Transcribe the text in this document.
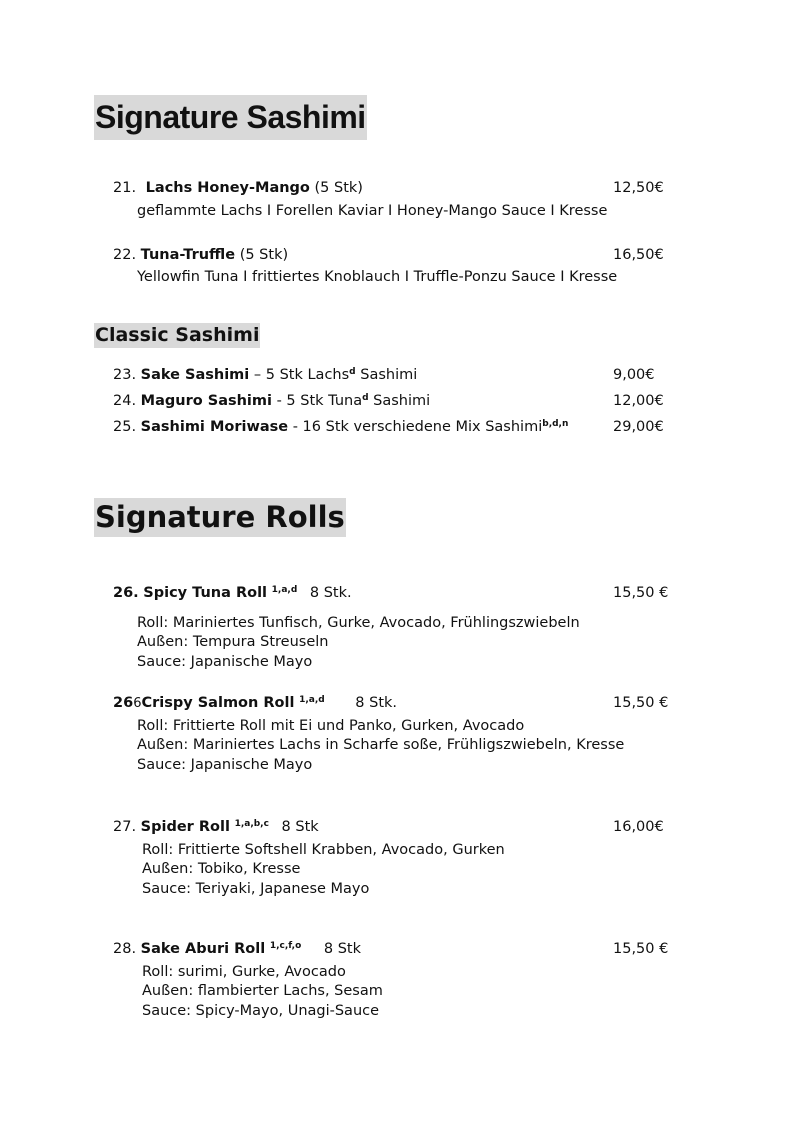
Signature Sashimi
21. Lachs Honey-Mango (5 Stk)	12,50€
geflammte Lachs I Forellen Kaviar I Honey-Mango Sauce I Kresse
22. Tuna-Truffle (5 Stk)	16,50€
Yellowfin Tuna I frittiertes Knoblauch I Truffle-Ponzu Sauce I Kresse
Classic Sashimi
23. Sake Sashimi – 5 Stk Lachs$^d$ Sashimi	9,00€
24. Maguro Sashimi - 5 Stk Tuna$^d$ Sashimi	12,00€
25. Sashimi Moriwase - 16 Stk verschiedene Mix Sashimi$^{b,d,n}$	29,00€
Signature Rolls
26. Spicy Tuna Roll $^{1,a,d}$ 8 Stk.	15,50 €
Roll: Mariniertes Tunfisch, Gurke, Avocado, Frühlingszwiebeln
Außen: Tempura Streuseln
Sauce: Japanische Mayo
266Crispy Salmon Roll $^{1,a,d}$ 8 Stk.	15,50 €
Roll: Frittierte Roll mit Ei und Panko, Gurken, Avocado
Außen: Mariniertes Lachs in Scharfe soße, Frühligszwiebeln, Kresse
Sauce: Japanische Mayo
27. Spider Roll $^{1,a,b,c}$ 8 Stk	16,00€
Roll: Frittierte Softshell Krabben, Avocado, Gurken
Außen: Tobiko, Kresse
Sauce: Teriyaki, Japanese Mayo
28. Sake Aburi Roll $^{1,c,f,o}$ 8 Stk	15,50 €
Roll: surimi, Gurke, Avocado
Außen: flambierter Lachs, Sesam
Sauce: Spicy-Mayo, Unagi-Sauce
